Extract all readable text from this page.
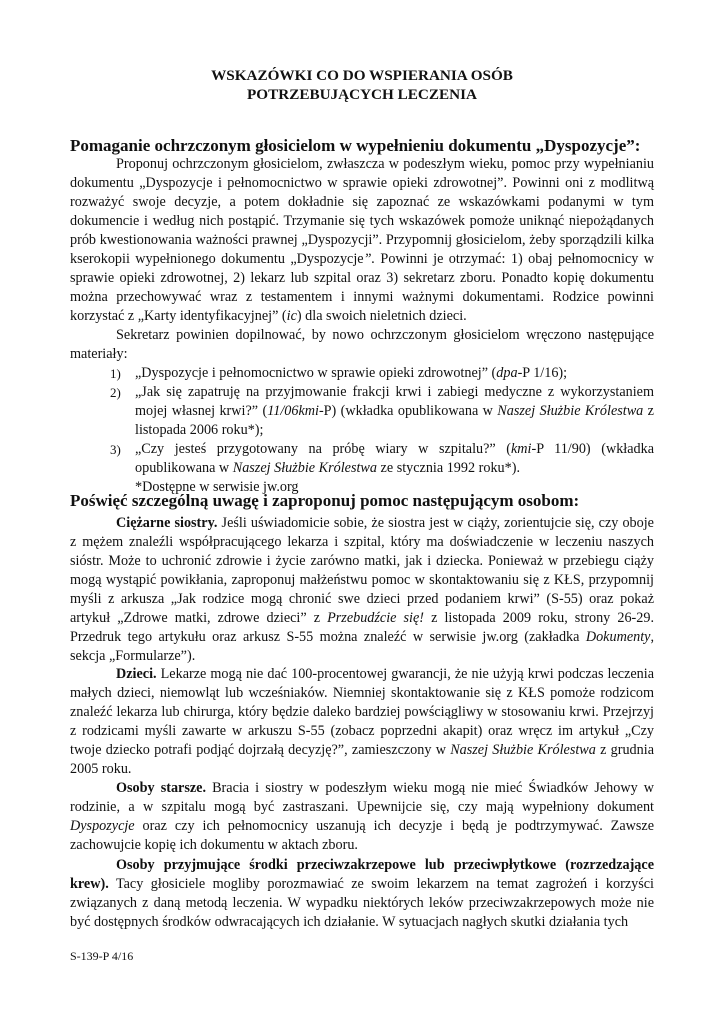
WSKAZÓWKI CO DO WSPIERANIA OSÓB
POTRZEBUJĄCYCH LECZENIA
Pomaganie ochrzczonym głosicielom w wypełnieniu dokumentu „Dyspozycje”:
Proponuj ochrzczonym głosicielom, zwłaszcza w podeszłym wieku, pomoc przy wypełnianiu dokumentu „Dyspozycje i pełnomocnictwo w sprawie opieki zdrowotnej”. Powinni oni z modlitwą rozważyć swoje decyzje, a potem dokładnie się zapoznać ze wskazówkami podanymi w tym dokumencie i według nich postąpić. Trzymanie się tych wskazówek pomoże uniknąć niepożądanych prób kwestionowania ważności prawnej „Dyspozycji”. Przypomnij głosicielom, żeby sporządzili kilka kserokopii wypełnionego dokumentu „Dyspozycje”. Powinni je otrzymać: 1) obaj pełnomocnicy w sprawie opieki zdrowotnej, 2) lekarz lub szpital oraz 3) sekretarz zboru. Ponadto kopię dokumentu można przechowywać wraz z testamentem i innymi ważnymi dokumentami. Rodzice powinni korzystać z „Karty identyfikacyjnej” (ic) dla swoich nieletnich dzieci.
Sekretarz powinien dopilnować, by nowo ochrzczonym głosicielom wręczono następujące materiały:
1) „Dyspozycje i pełnomocnictwo w sprawie opieki zdrowotnej” (dpa-P 1/16);
2) „Jak się zapatruję na przyjmowanie frakcji krwi i zabiegi medyczne z wykorzystaniem mojej własnej krwi?” (11/06kmi-P) (wkładka opublikowana w Naszej Służbie Królestwa z listopada 2006 roku*);
3) „Czy jesteś przygotowany na próbę wiary w szpitalu?” (kmi-P 11/90) (wkładka opublikowana w Naszej Służbie Królestwa ze stycznia 1992 roku*).
*Dostępne w serwisie jw.org
Poświęć szczególną uwagę i zaproponuj pomoc następującym osobom:
Ciężarne siostry. Jeśli uświadomicie sobie, że siostra jest w ciąży, zorientujcie się, czy oboje z mężem znaleźli współpracującego lekarza i szpital, który ma doświadczenie w leczeniu naszych sióstr. Może to uchronić zdrowie i życie zarówno matki, jak i dziecka. Ponieważ w przebiegu ciąży mogą wystąpić powikłania, zaproponuj małżeństwu pomoc w skontaktowaniu się z KŁS, przypomnij myśli z arkusza „Jak rodzice mogą chronić swe dzieci przed podaniem krwi” (S-55) oraz pokaż artykuł „Zdrowe matki, zdrowe dzieci” z Przebudźcie się! z listopada 2009 roku, strony 26-29. Przedruk tego artykułu oraz arkusz S-55 można znaleźć w serwisie jw.org (zakładka Dokumenty, sekcja „Formularze”).
Dzieci. Lekarze mogą nie dać 100-procentowej gwarancji, że nie użyją krwi podczas leczenia małych dzieci, niemowląt lub wcześniaków. Niemniej skontaktowanie się z KŁS pomoże rodzicom znaleźć lekarza lub chirurga, który będzie daleko bardziej powściągliwy w stosowaniu krwi. Przejrzyj z rodzicami myśli zawarte w arkuszu S-55 (zobacz poprzedni akapit) oraz wręcz im artykuł „Czy twoje dziecko potrafi podjąć dojrzałą decyzję?”, zamieszczony w Naszej Służbie Królestwa z grudnia 2005 roku.
Osoby starsze. Bracia i siostry w podeszłym wieku mogą nie mieć Świadków Jehowy w rodzinie, a w szpitalu mogą być zastraszani. Upewnijcie się, czy mają wypełniony dokument Dyspozycje oraz czy ich pełnomocnicy uszanują ich decyzje i będą je podtrzymywać. Zawsze zachowujcie kopię ich dokumentu w aktach zboru.
Osoby przyjmujące środki przeciwzakrzepowe lub przeciwpłytkowe (rozrzedzające krew). Tacy głosiciele mogliby porozmawiać ze swoim lekarzem na temat zagrożeń i korzyści związanych z daną metodą leczenia. W wypadku niektórych leków przeciwzakrzepowych może nie być dostępnych środków odwracających ich działanie. W sytuacjach nagłych skutki działania tych
S-139-P 4/16
